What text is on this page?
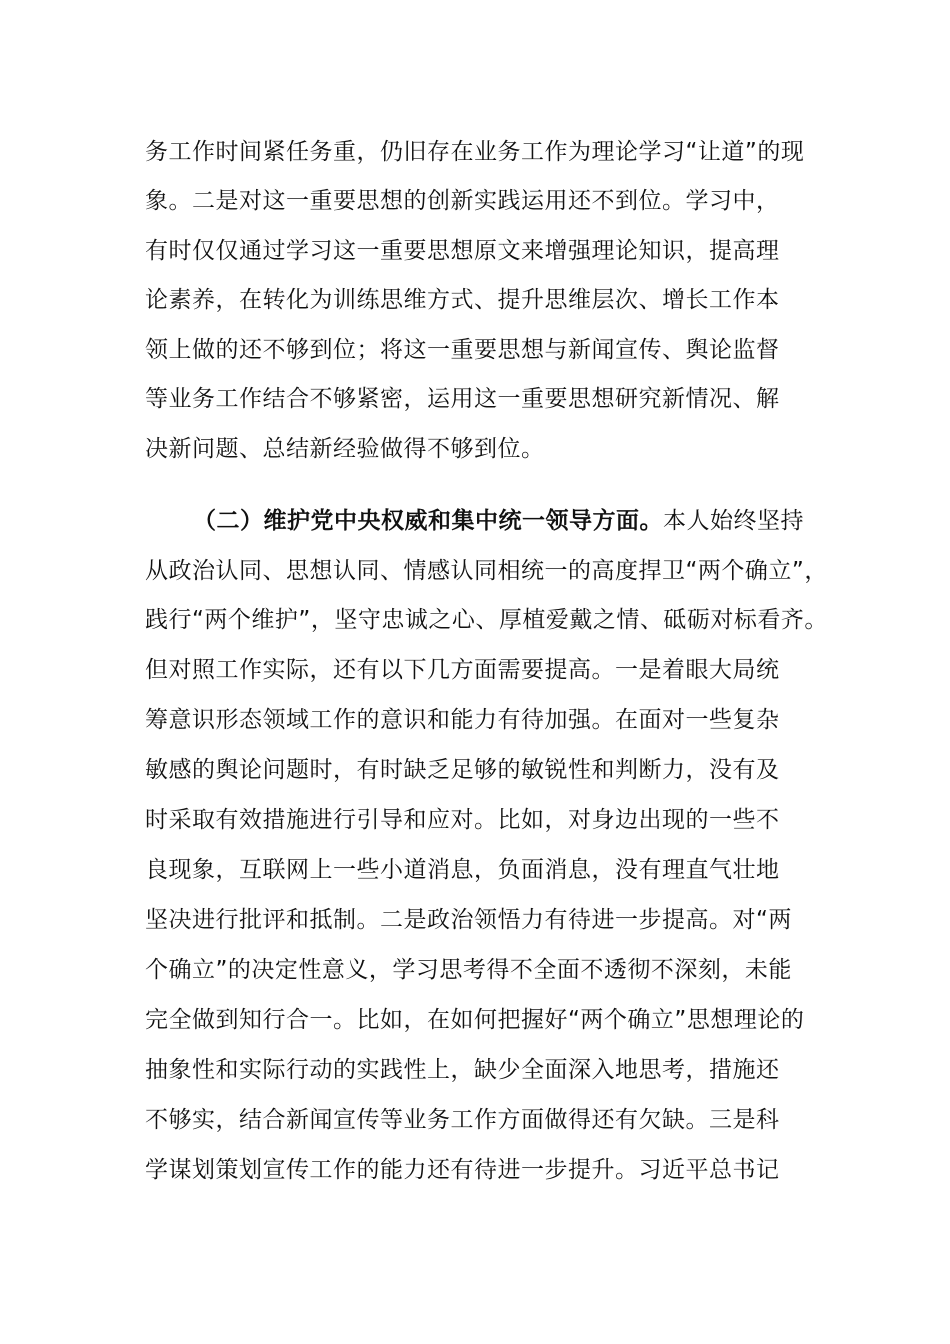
务工作时间紧任务重，仍旧存在业务工作为理论学习“让道”的现
象。二是对这一重要思想的创新实践运用还不到位。学习中，
有时仅仅通过学习这一重要思想原文来增强理论知识，提高理
论素养，在转化为训练思维方式、提升思维层次、增长工作本
领上做的还不够到位；将这一重要思想与新闻宣传、舆论监督
等业务工作结合不够紧密，运用这一重要思想研究新情况、解
决新问题、总结新经验做得不够到位。
（二）维护党中央权威和集中统一领导方面。本人始终坚持
从政治认同、思想认同、情感认同相统一的高度捍卫“两个确立”，
践行“两个维护”，坚守忠诚之心、厚植爱戴之情、砥砺对标看齐。
但对照工作实际，还有以下几方面需要提高。一是着眼大局统
筹意识形态领域工作的意识和能力有待加强。在面对一些复杂
敏感的舆论问题时，有时缺乏足够的敏锐性和判断力，没有及
时采取有效措施进行引导和应对。比如，对身边出现的一些不
良现象，互联网上一些小道消息，负面消息，没有理直气壮地
坚决进行批评和抵制。二是政治领悟力有待进一步提高。对“两
个确立”的决定性意义，学习思考得不全面不透彻不深刻，未能
完全做到知行合一。比如，在如何把握好“两个确立”思想理论的
抽象性和实际行动的实践性上，缺少全面深入地思考，措施还
不够实，结合新闻宣传等业务工作方面做得还有欠缺。三是科
学谋划策划宣传工作的能力还有待进一步提升。习近平总书记
